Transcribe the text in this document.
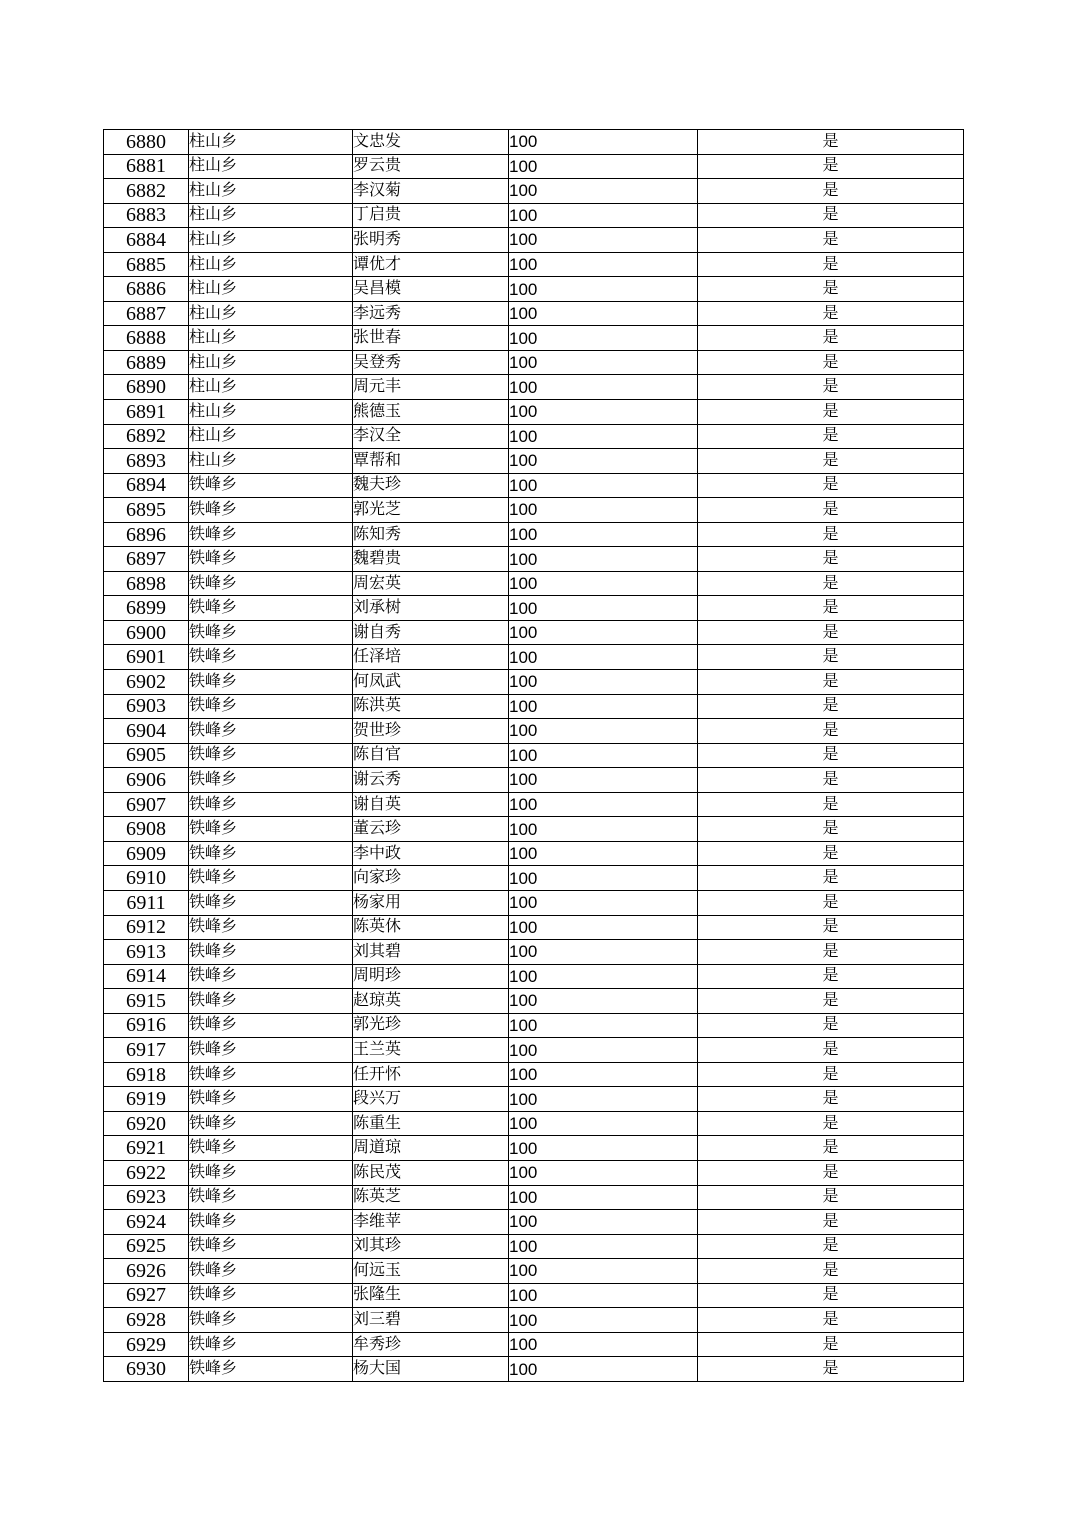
6880	柱山乡	文忠发	100	是
6881	柱山乡	罗云贵	100	是
6882	柱山乡	李汉菊	100	是
6883	柱山乡	丁启贵	100	是
6884	柱山乡	张明秀	100	是
6885	柱山乡	谭优才	100	是
6886	柱山乡	吴昌模	100	是
6887	柱山乡	李远秀	100	是
6888	柱山乡	张世春	100	是
6889	柱山乡	吴登秀	100	是
6890	柱山乡	周元丰	100	是
6891	柱山乡	熊德玉	100	是
6892	柱山乡	李汉全	100	是
6893	柱山乡	覃帮和	100	是
6894	铁峰乡	魏夫珍	100	是
6895	铁峰乡	郭光芝	100	是
6896	铁峰乡	陈知秀	100	是
6897	铁峰乡	魏碧贵	100	是
6898	铁峰乡	周宏英	100	是
6899	铁峰乡	刘承树	100	是
6900	铁峰乡	谢自秀	100	是
6901	铁峰乡	任泽培	100	是
6902	铁峰乡	何凤武	100	是
6903	铁峰乡	陈洪英	100	是
6904	铁峰乡	贺世珍	100	是
6905	铁峰乡	陈自官	100	是
6906	铁峰乡	谢云秀	100	是
6907	铁峰乡	谢自英	100	是
6908	铁峰乡	董云珍	100	是
6909	铁峰乡	李中政	100	是
6910	铁峰乡	向家珍	100	是
6911	铁峰乡	杨家用	100	是
6912	铁峰乡	陈英休	100	是
6913	铁峰乡	刘其碧	100	是
6914	铁峰乡	周明珍	100	是
6915	铁峰乡	赵琼英	100	是
6916	铁峰乡	郭光珍	100	是
6917	铁峰乡	王兰英	100	是
6918	铁峰乡	任开怀	100	是
6919	铁峰乡	段兴万	100	是
6920	铁峰乡	陈重生	100	是
6921	铁峰乡	周道琼	100	是
6922	铁峰乡	陈民茂	100	是
6923	铁峰乡	陈英芝	100	是
6924	铁峰乡	李维苹	100	是
6925	铁峰乡	刘其珍	100	是
6926	铁峰乡	何远玉	100	是
6927	铁峰乡	张隆生	100	是
6928	铁峰乡	刘三碧	100	是
6929	铁峰乡	牟秀珍	100	是
6930	铁峰乡	杨大国	100	是
